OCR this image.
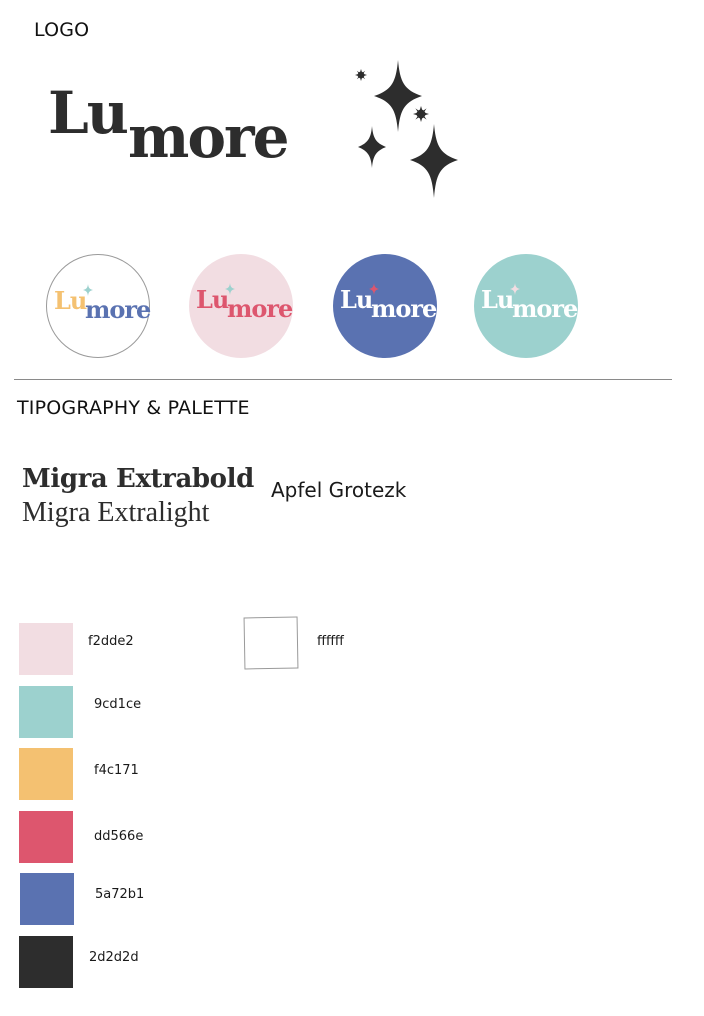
LOGO
Lu more
Lu
more Lu
more Lu
more Lu
more
TIPOGRAPHY & PALETTE
Migra Extrabold
Migra Extralight
Apfel Grotezk
f2dde2
9cd1ce
f4c171
dd566e
5a72b1
2d2d2d
ffffff
